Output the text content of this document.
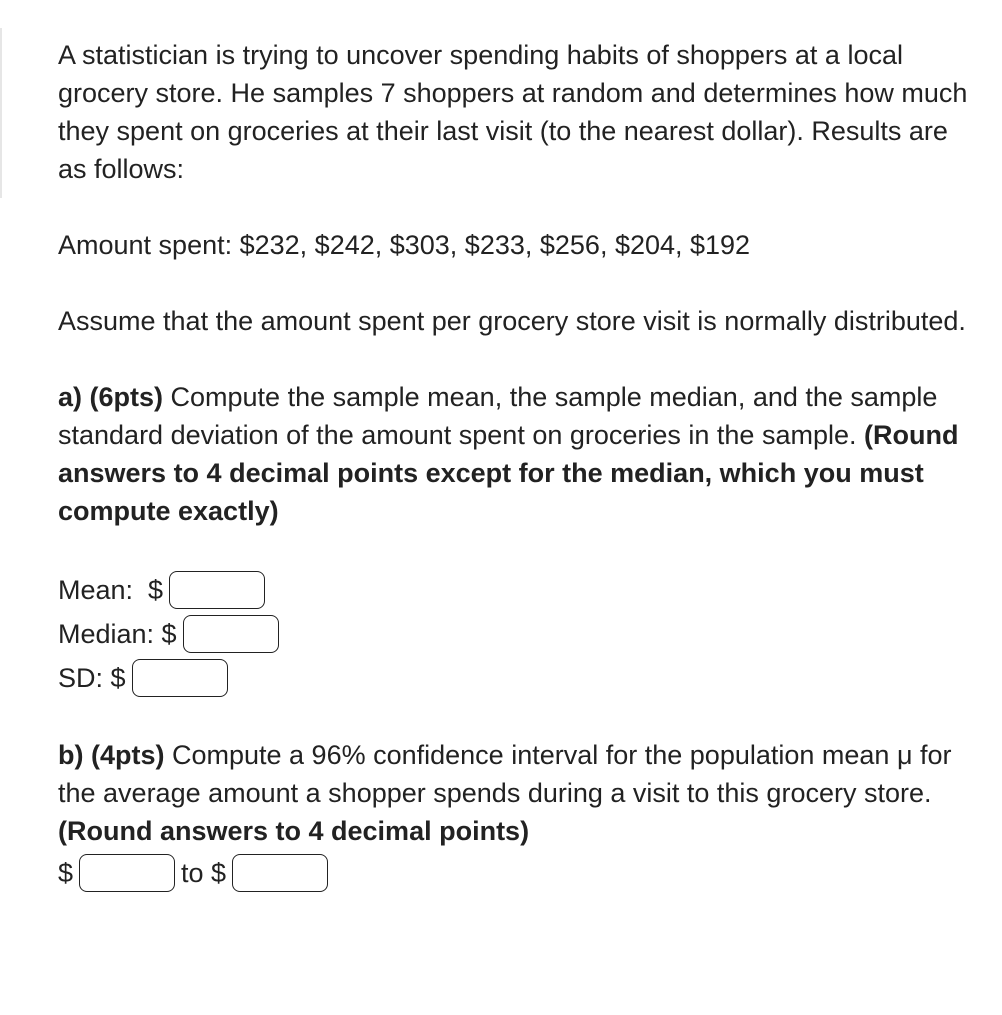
A statistician is trying to uncover spending habits of shoppers at a local grocery store. He samples 7 shoppers at random and determines how much they spent on groceries at their last visit (to the nearest dollar). Results are as follows:

Amount spent: $232, $242, $303, $233, $256, $204, $192

Assume that the amount spent per grocery store visit is normally distributed.

a) (6pts) Compute the sample mean, the sample median, and the sample standard deviation of the amount spent on groceries in the sample. (Round answers to 4 decimal points except for the median, which you must compute exactly)

Mean:  $
Median: $
SD: $

b) (4pts) Compute a 96% confidence interval for the population mean μ for the average amount a shopper spends during a visit to this grocery store. (Round answers to 4 decimal points)

$	to $
